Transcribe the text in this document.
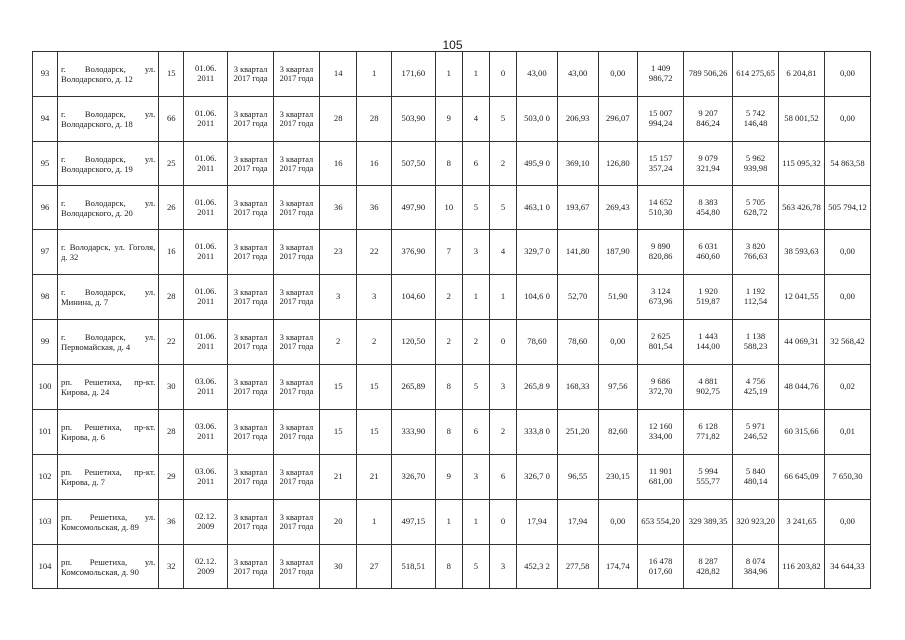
105
93	г. Володарск, ул. Володарского, д. 12	15	01.06. 2011	3 квартал 2017 года	3 квартал 2017 года	14	1	171,60	1	1	0	43,00	43,00	0,00	1 409 986,72	789 506,26	614 275,65	6 204,81	0,00
94	г. Володарск, ул. Володарского, д. 18	66	01.06. 2011	3 квартал 2017 года	3 квартал 2017 года	28	28	503,90	9	4	5	503,0 0	206,93	296,07	15 007 994,24	9 207 846,24	5 742 146,48	58 001,52	0,00
95	г. Володарск, ул. Володарского, д. 19	25	01.06. 2011	3 квартал 2017 года	3 квартал 2017 года	16	16	507,50	8	6	2	495,9 0	369,10	126,80	15 157 357,24	9 079 321,94	5 962 939,98	115 095,32	54 863,58
96	г. Володарск, ул. Володарского, д. 20	26	01.06. 2011	3 квартал 2017 года	3 квартал 2017 года	36	36	497,90	10	5	5	463,1 0	193,67	269,43	14 652 510,30	8 383 454,80	5 705 628,72	563 426,78	505 794,12
97	г. Володарск, ул. Гоголя, д. 32	16	01.06. 2011	3 квартал 2017 года	3 квартал 2017 года	23	22	376,90	7	3	4	329,7 0	141,80	187,90	9 890 820,86	6 031 460,60	3 820 766,63	38 593,63	0,00
98	г. Володарск, ул. Минина, д. 7	28	01.06. 2011	3 квартал 2017 года	3 квартал 2017 года	3	3	104,60	2	1	1	104,6 0	52,70	51,90	3 124 673,96	1 920 519,87	1 192 112,54	12 041,55	0,00
99	г. Володарск, ул. Первомайская, д. 4	22	01.06. 2011	3 квартал 2017 года	3 квартал 2017 года	2	2	120,50	2	2	0	78,60	78,60	0,00	2 625 801,54	1 443 144,00	1 138 588,23	44 069,31	32 568,42
100	рп. Решетиха, пр-кт. Кирова, д. 24	30	03.06. 2011	3 квартал 2017 года	3 квартал 2017 года	15	15	265,89	8	5	3	265,8 9	168,33	97,56	9 686 372,70	4 881 902,75	4 756 425,19	48 044,76	0,02
101	рп. Решетиха, пр-кт. Кирова, д. 6	28	03.06. 2011	3 квартал 2017 года	3 квартал 2017 года	15	15	333,90	8	6	2	333,8 0	251,20	82,60	12 160 334,00	6 128 771,82	5 971 246,52	60 315,66	0,01
102	рп. Решетиха, пр-кт. Кирова, д. 7	29	03.06. 2011	3 квартал 2017 года	3 квартал 2017 года	21	21	326,70	9	3	6	326,7 0	96,55	230,15	11 901 681,00	5 994 555,77	5 840 480,14	66 645,09	7 650,30
103	рп. Решетиха, ул. Комсомольская, д. 89	36	02.12. 2009	3 квартал 2017 года	3 квартал 2017 года	20	1	497,15	1	1	0	17,94	17,94	0,00	653 554,20	329 389,35	320 923,20	3 241,65	0,00
104	рп. Решетиха, ул. Комсомольская, д. 90	32	02.12. 2009	3 квартал 2017 года	3 квартал 2017 года	30	27	518,51	8	5	3	452,3 2	277,58	174,74	16 478 017,60	8 287 428,82	8 074 384,96	116 203,82	34 644,33
